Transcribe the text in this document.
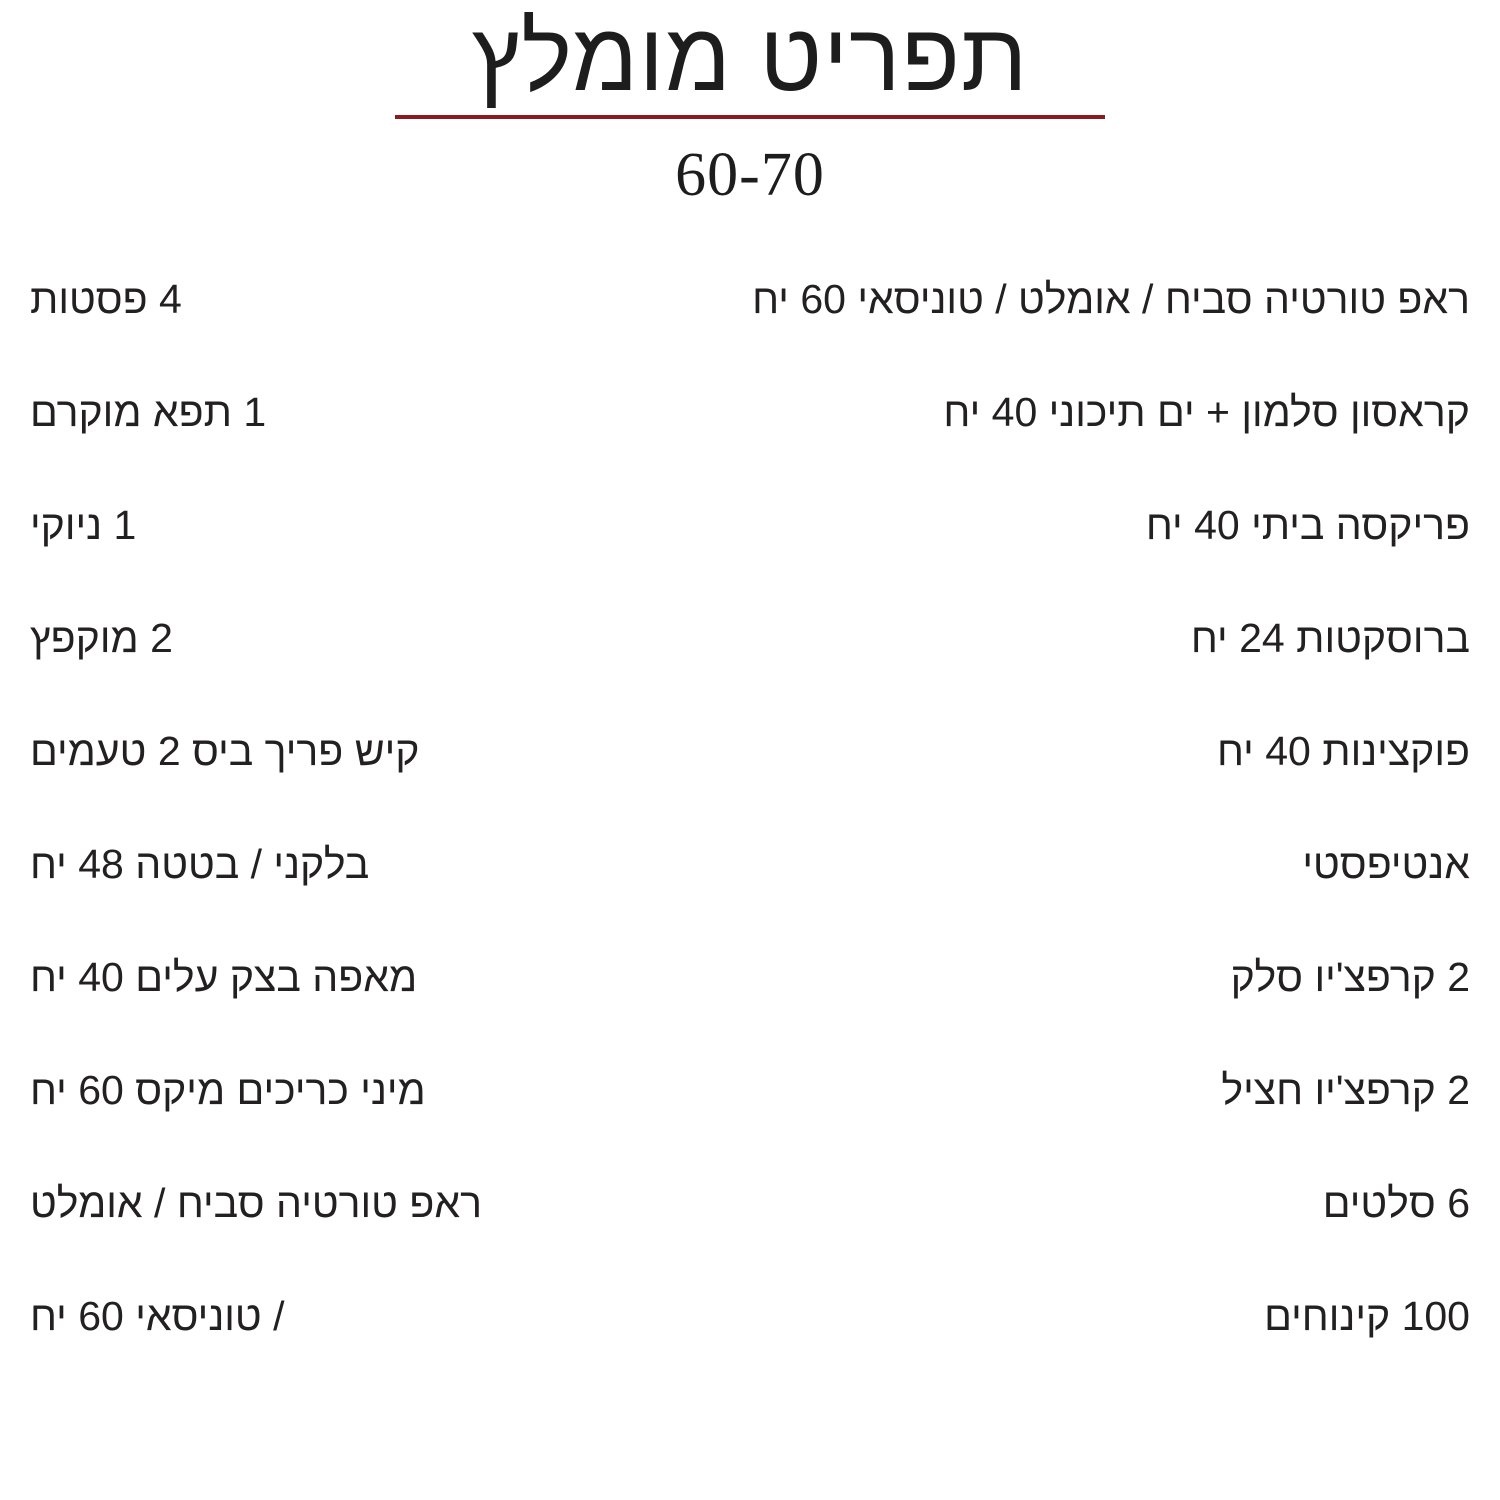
תפריט מומלץ
60-70
ראפ טורטיה סביח / אומלט / טוניסאי 60 יח
קראסון סלמון + ים תיכוני 40 יח
פריקסה ביתי 40 יח
ברוסקטות 24 יח
פוקצינות 40 יח
אנטיפסטי
2 קרפצ'יו סלק
2 קרפצ'יו חציל
6 סלטים
100 קינוחים
4 פסטות
1 תפא מוקרם
1 ניוקי
2 מוקפץ
קיש פריך ביס 2 טעמים
בלקני / בטטה 48 יח
מאפה בצק עלים 40 יח
מיני כריכים מיקס 60 יח
ראפ טורטיה סביח / אומלט
/ טוניסאי 60 יח
